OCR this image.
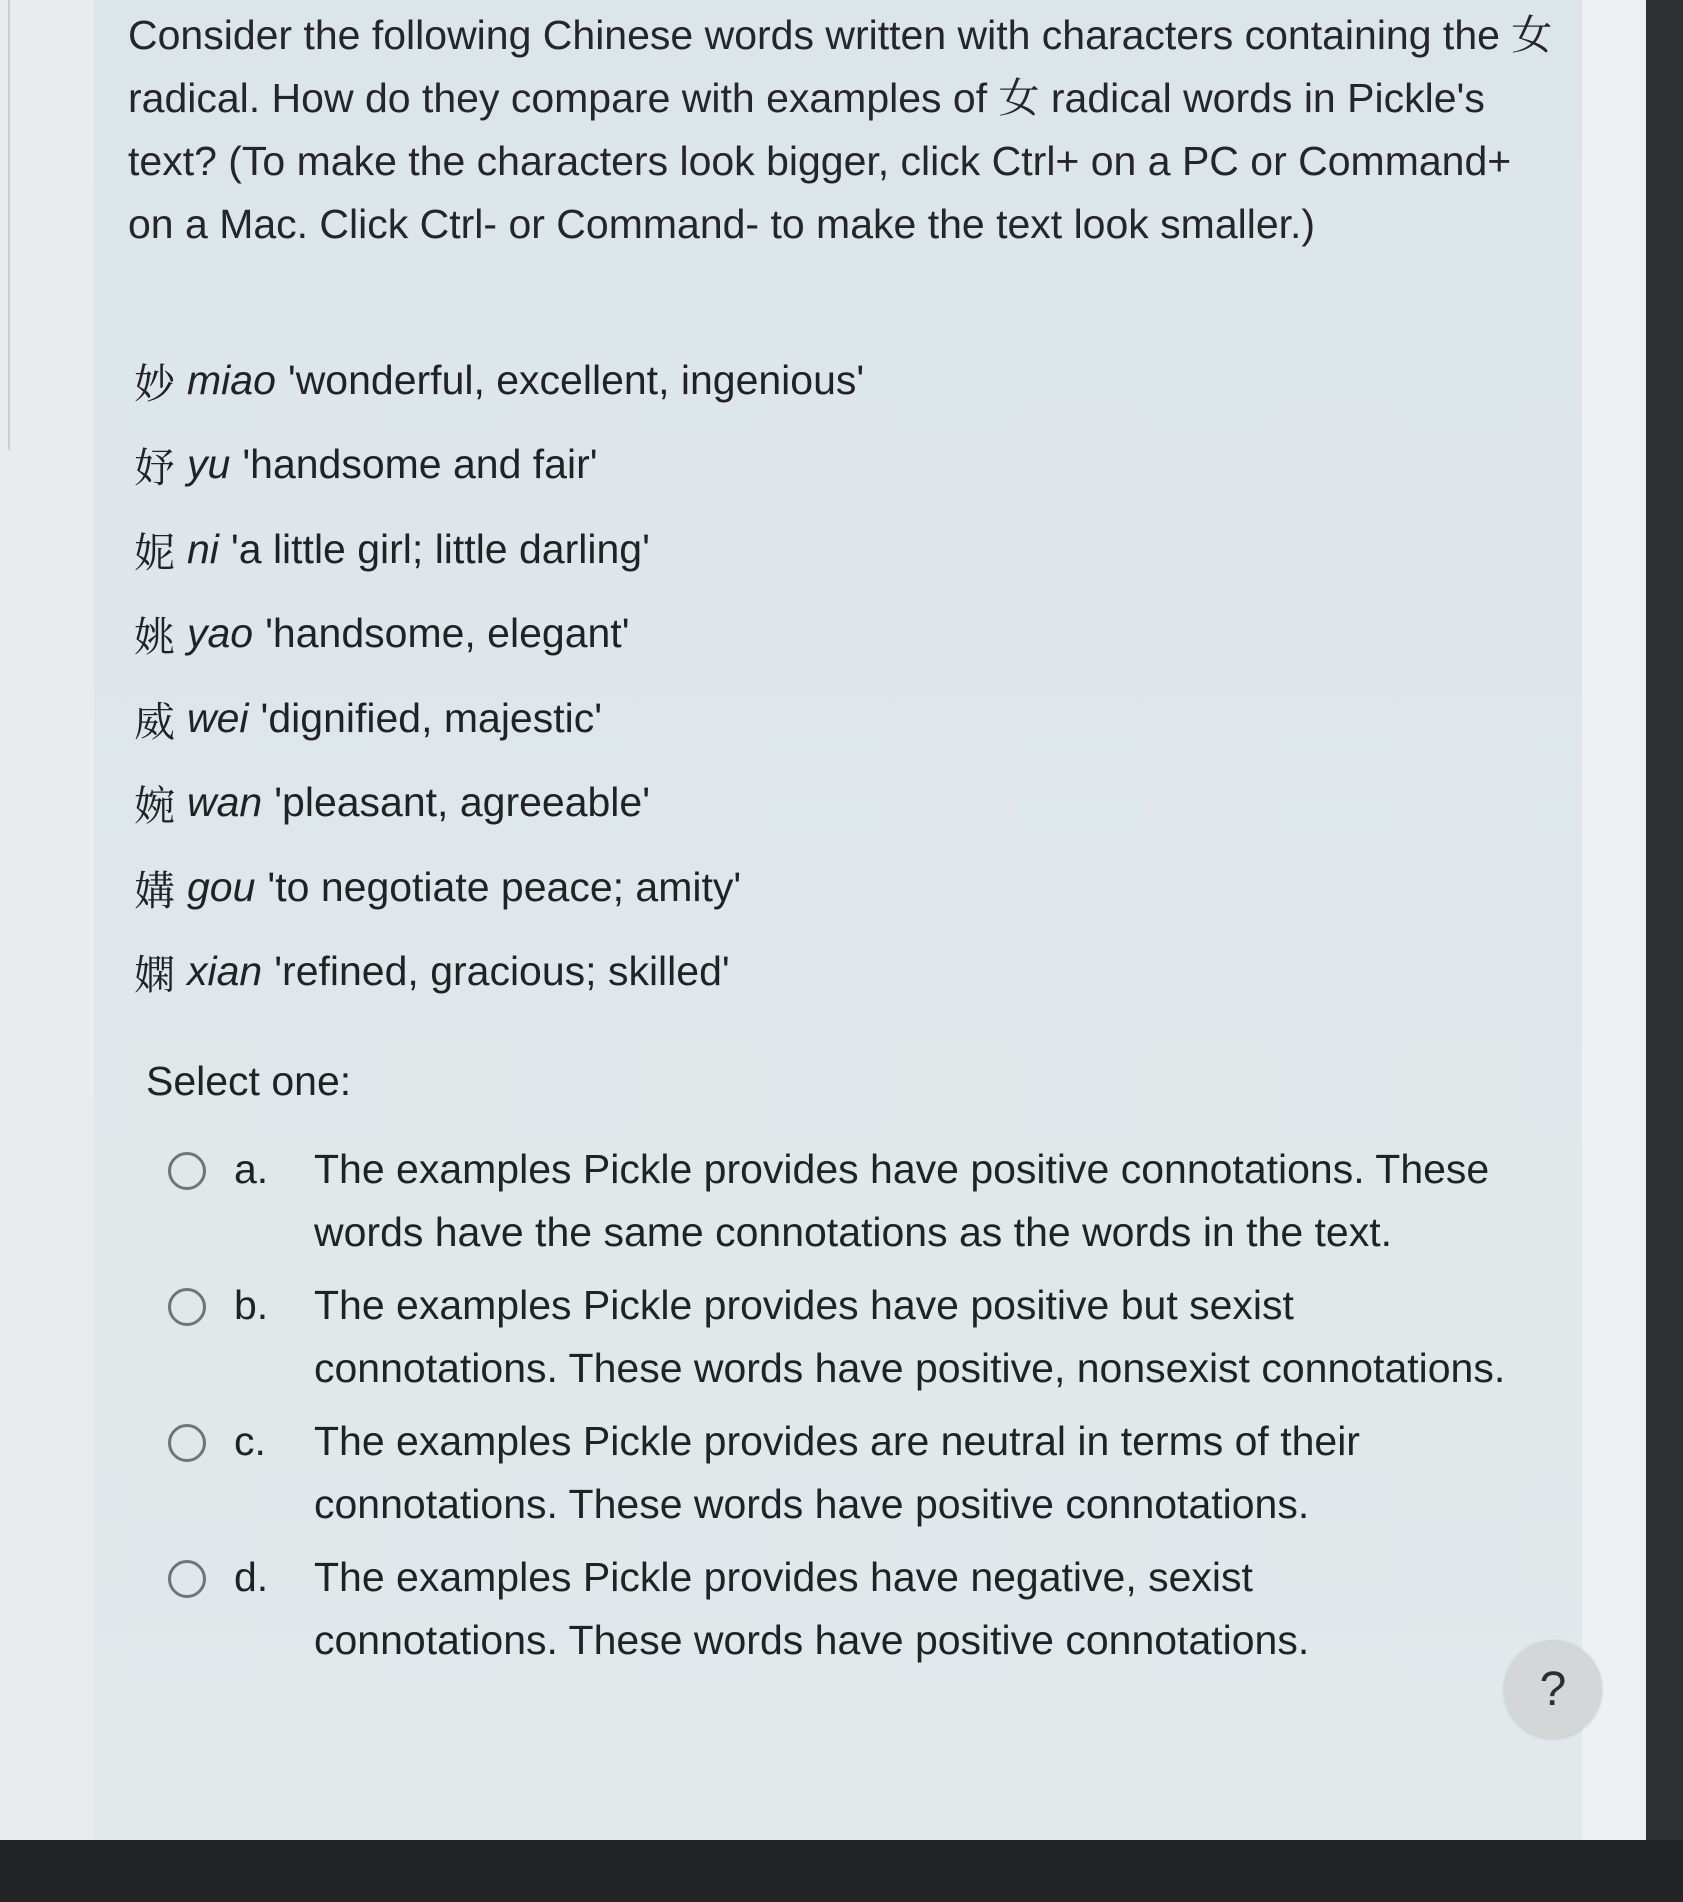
Consider the following Chinese words written with characters containing the 女 radical. How do they compare with examples of 女 radical words in Pickle's text? (To make the characters look bigger, click Ctrl+ on a PC or Command+ on a Mac. Click Ctrl- or Command- to make the text look smaller.)

妙 miao 'wonderful, excellent, ingenious'
妤 yu 'handsome and fair'
妮 ni 'a little girl; little darling'
姚 yao 'handsome, elegant'
威 wei 'dignified, majestic'
婉 wan 'pleasant, agreeable'
媾 gou 'to negotiate peace; amity'
嫻 xian 'refined, gracious; skilled'

Select one:

a.	The examples Pickle provides have positive connotations. These words have the same connotations as the words in the text.
b.	The examples Pickle provides have positive but sexist connotations. These words have positive, nonsexist connotations.
c.	The examples Pickle provides are neutral in terms of their connotations. These words have positive connotations.
d.	The examples Pickle provides have negative, sexist connotations. These words have positive connotations.
?
